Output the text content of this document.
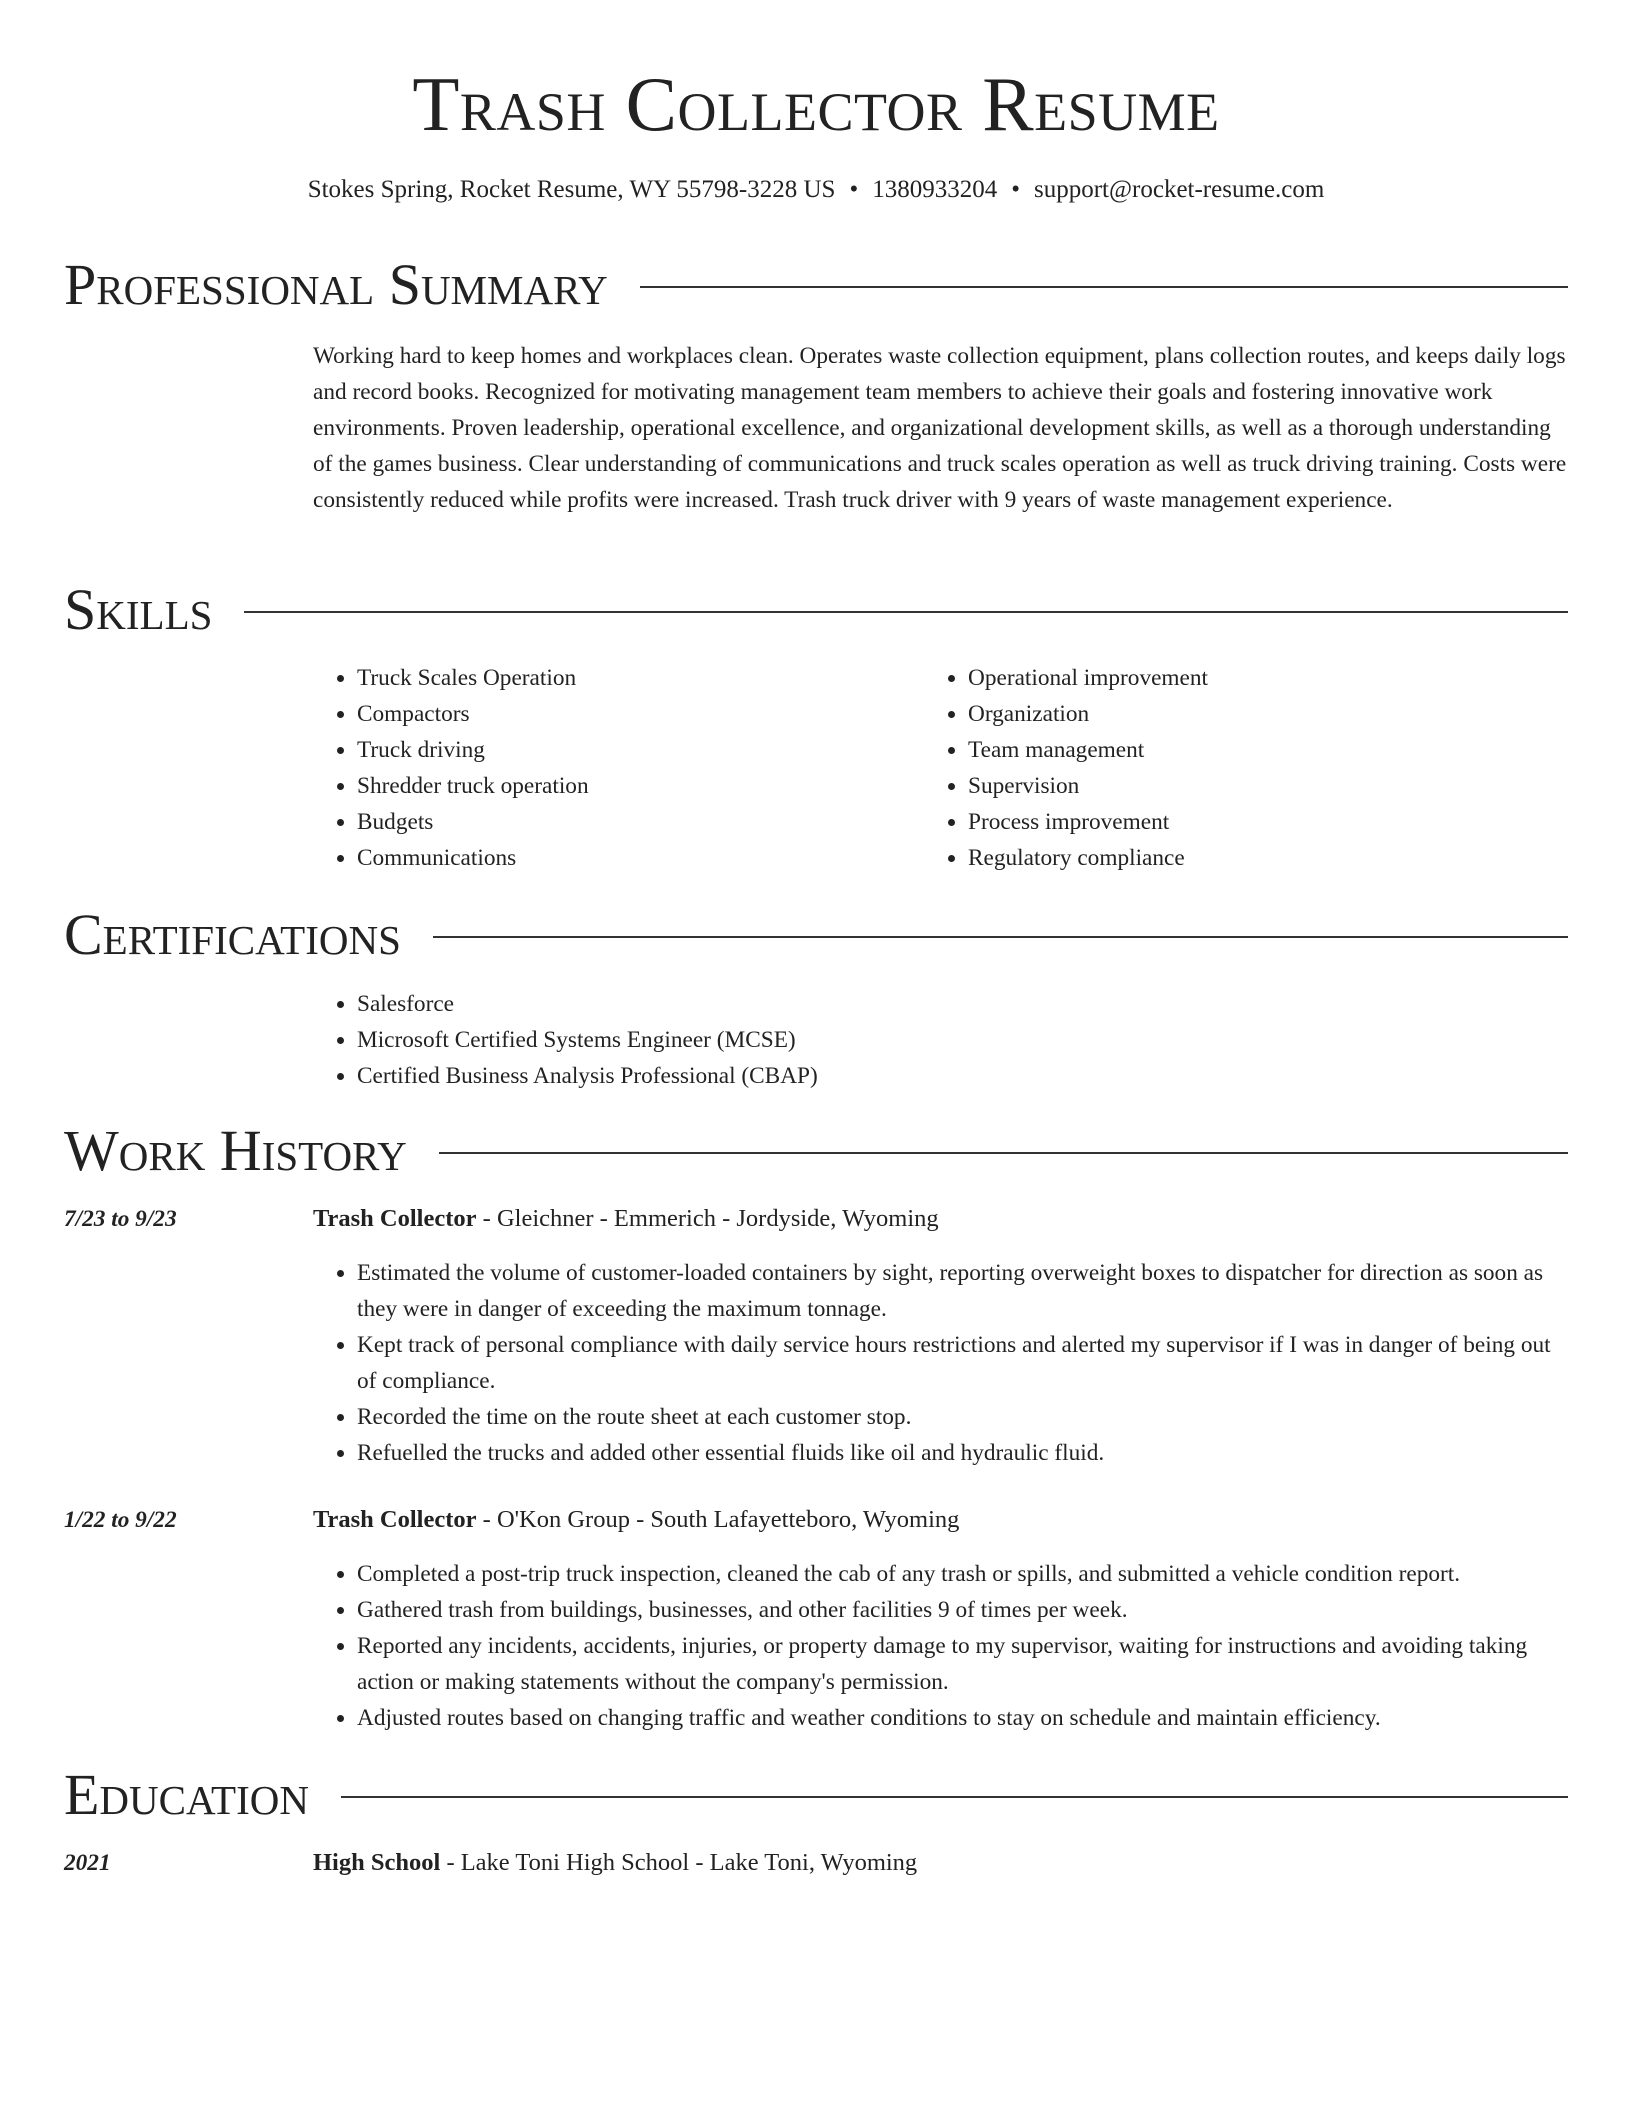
Trash Collector Resume
Stokes Spring, Rocket Resume, WY 55798-3228 US • 1380933204 • support@rocket-resume.com
Professional Summary

Working hard to keep homes and workplaces clean. Operates waste collection equipment, plans collection routes, and keeps daily logs and record books. Recognized for motivating management team members to achieve their goals and fostering innovative work environments. Proven leadership, operational excellence, and organizational development skills, as well as a thorough understanding of the games business. Clear understanding of communications and truck scales operation as well as truck driving training. Costs were consistently reduced while profits were increased. Trash truck driver with 9 years of waste management experience.

Skills
• Truck Scales Operation
• Compactors
• Truck driving
• Shredder truck operation
• Budgets
• Communications
• Operational improvement
• Organization
• Team management
• Supervision
• Process improvement
• Regulatory compliance
Certifications
• Salesforce
• Microsoft Certified Systems Engineer (MCSE)
• Certified Business Analysis Professional (CBAP)
Work History
7/23 to 9/23	Trash Collector - Gleichner - Emmerich - Jordyside, Wyoming
• Estimated the volume of customer-loaded containers by sight, reporting overweight boxes to dispatcher for direction as soon as they were in danger of exceeding the maximum tonnage.
• Kept track of personal compliance with daily service hours restrictions and alerted my supervisor if I was in danger of being out of compliance.
• Recorded the time on the route sheet at each customer stop.
• Refuelled the trucks and added other essential fluids like oil and hydraulic fluid.
1/22 to 9/22	Trash Collector - O'Kon Group - South Lafayetteboro, Wyoming
• Completed a post-trip truck inspection, cleaned the cab of any trash or spills, and submitted a vehicle condition report.
• Gathered trash from buildings, businesses, and other facilities 9 of times per week.
• Reported any incidents, accidents, injuries, or property damage to my supervisor, waiting for instructions and avoiding taking action or making statements without the company's permission.
• Adjusted routes based on changing traffic and weather conditions to stay on schedule and maintain efficiency.
Education
2021	High School - Lake Toni High School - Lake Toni, Wyoming
